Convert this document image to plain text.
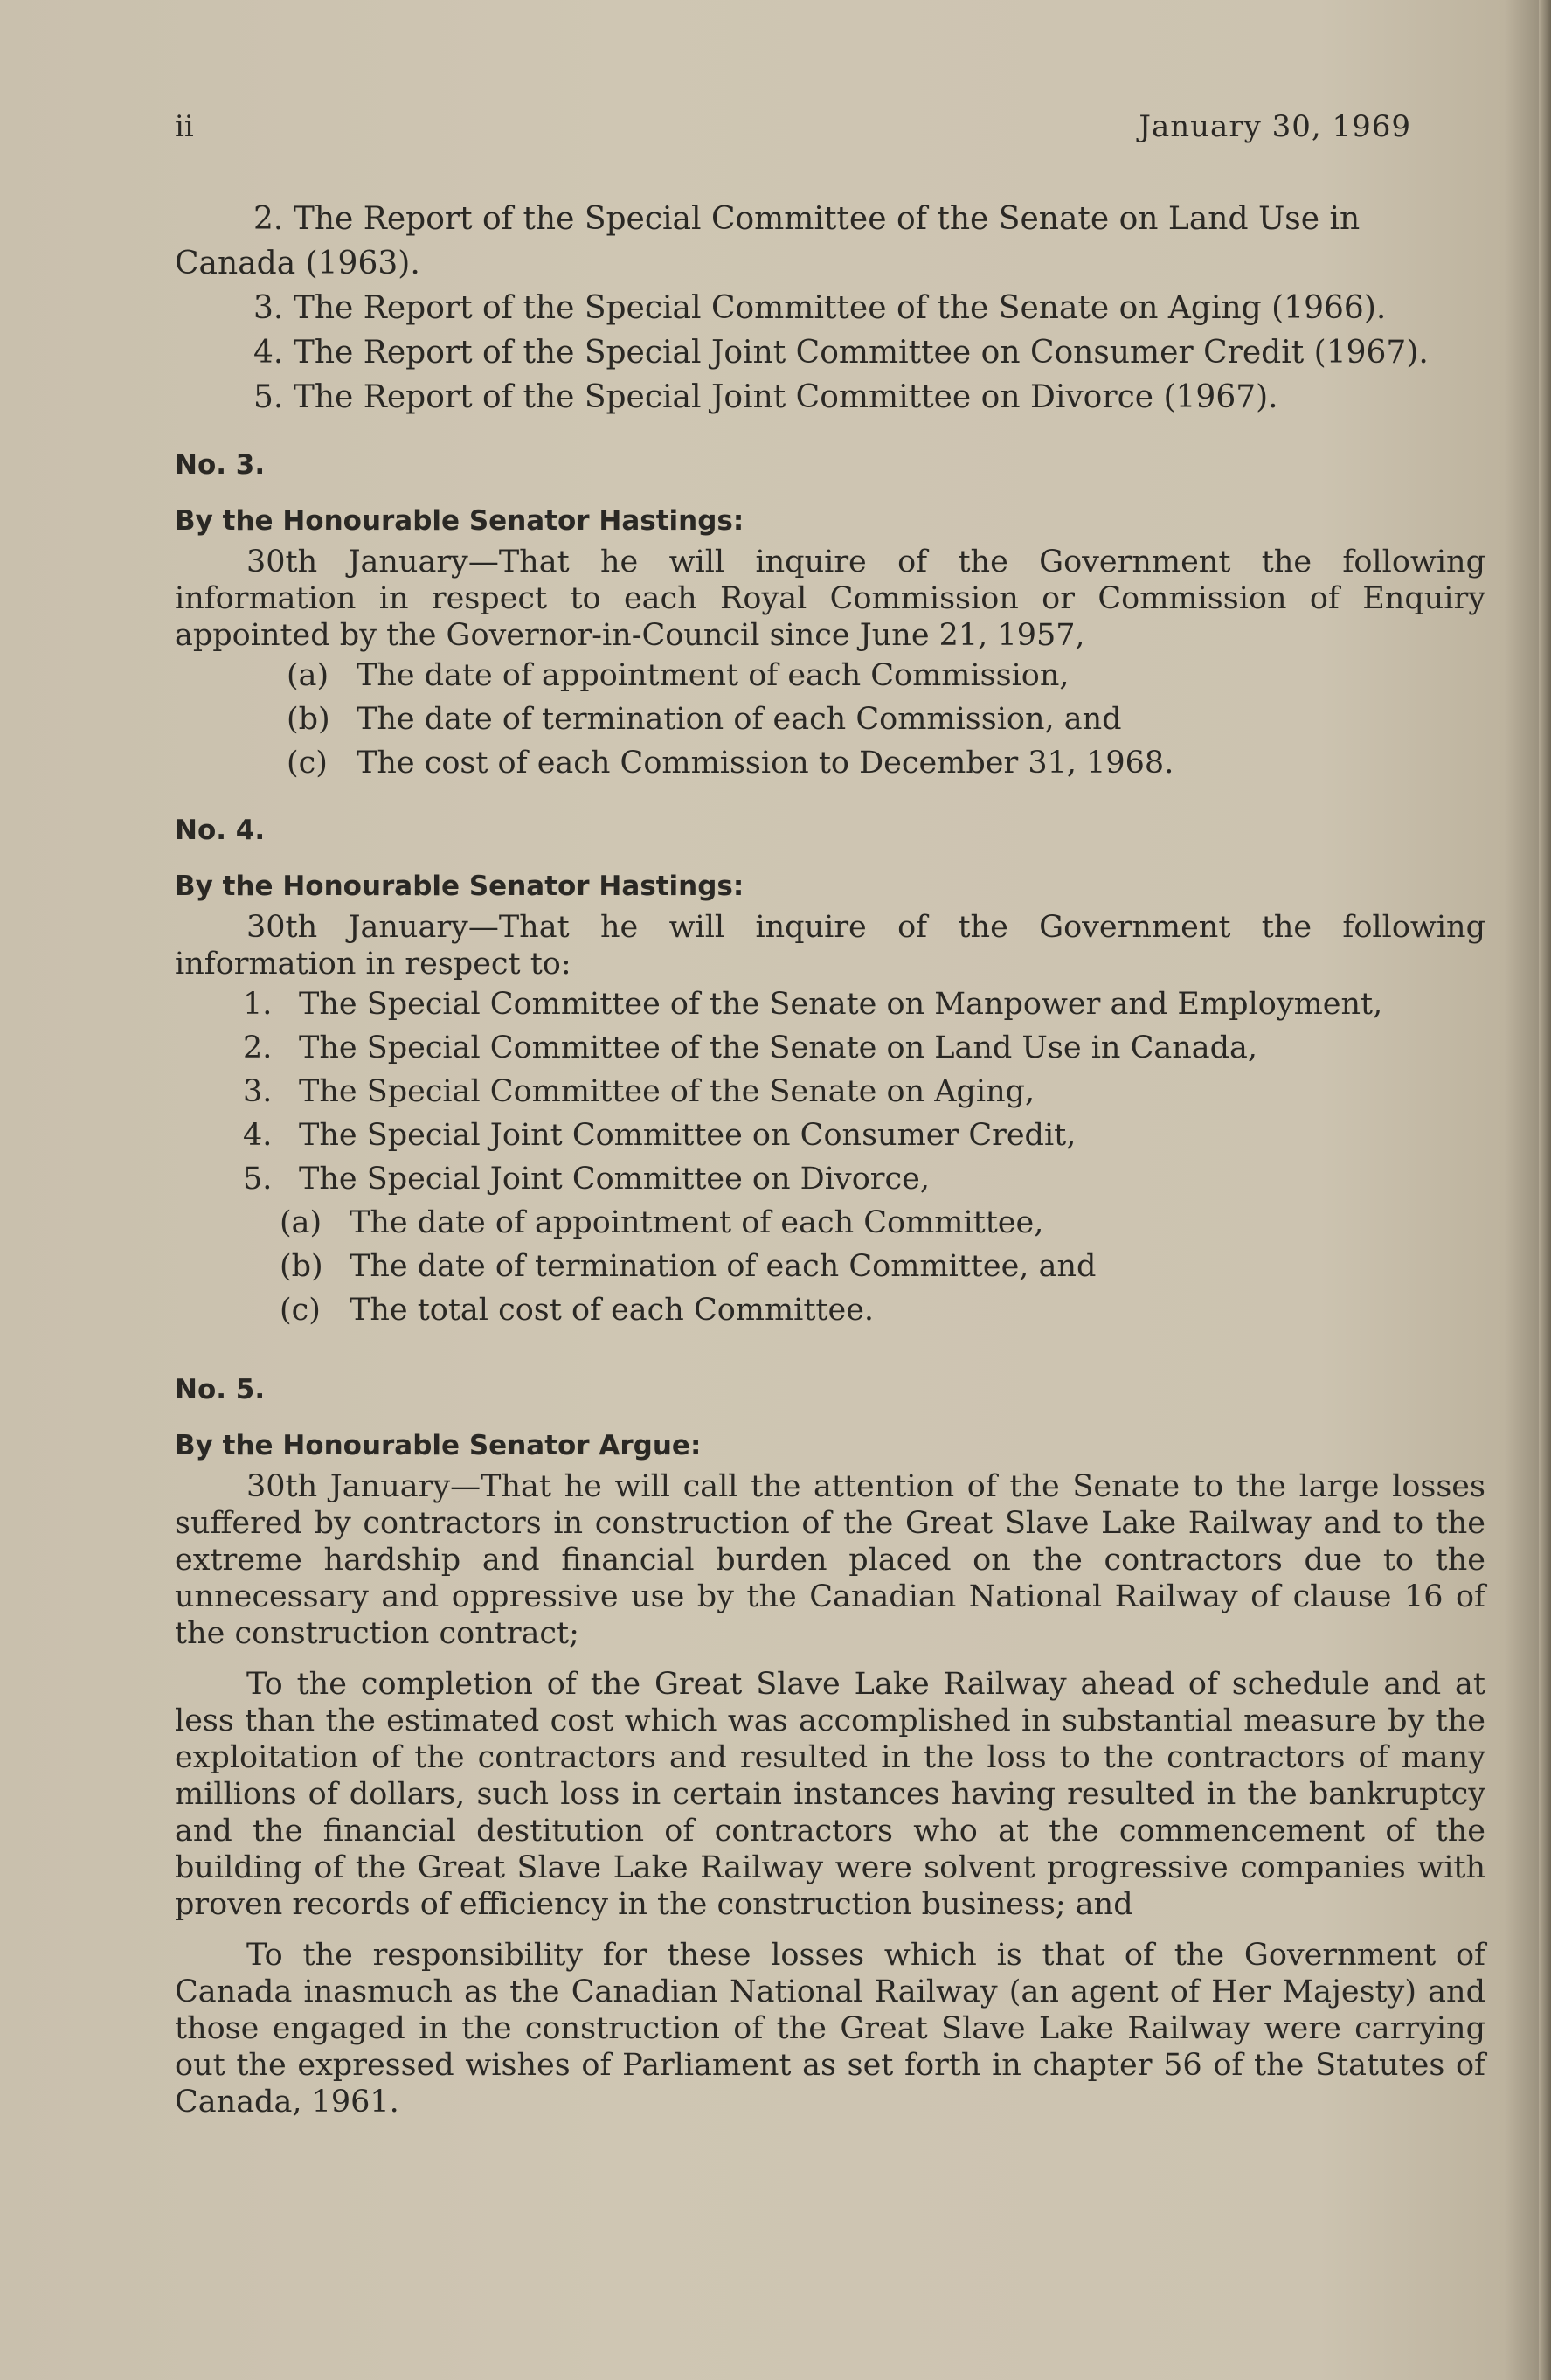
ii	January 30, 1969
2. The Report of the Special Committee of the Senate on Land Use in Canada (1963).
3. The Report of the Special Committee of the Senate on Aging (1966).
4. The Report of the Special Joint Committee on Consumer Credit (1967).
5. The Report of the Special Joint Committee on Divorce (1967).
No. 3.
By the Honourable Senator Hastings:

30th January—That he will inquire of the Government the following information in respect to each Royal Commission or Commission of Enquiry appointed by the Governor-in-Council since June 21, 1957,

(a) The date of appointment of each Commission,
(b) The date of termination of each Commission, and
(c) The cost of each Commission to December 31, 1968.
No. 4.
By the Honourable Senator Hastings:

30th January—That he will inquire of the Government the following information in respect to:

1. The Special Committee of the Senate on Manpower and Employment,
2. The Special Committee of the Senate on Land Use in Canada,
3. The Special Committee of the Senate on Aging,
4. The Special Joint Committee on Consumer Credit,
5. The Special Joint Committee on Divorce,
(a) The date of appointment of each Committee,
(b) The date of termination of each Committee, and
(c) The total cost of each Committee.
No. 5.
By the Honourable Senator Argue:

30th January—That he will call the attention of the Senate to the large losses suffered by contractors in construction of the Great Slave Lake Railway and to the extreme hardship and financial burden placed on the contractors due to the unnecessary and oppressive use by the Canadian National Railway of clause 16 of the construction contract;

To the completion of the Great Slave Lake Railway ahead of schedule and at less than the estimated cost which was accomplished in substantial measure by the exploitation of the contractors and resulted in the loss to the contractors of many millions of dollars, such loss in certain instances having resulted in the bankruptcy and the financial destitution of contractors who at the commencement of the building of the Great Slave Lake Railway were solvent progressive companies with proven records of efficiency in the construction business; and

To the responsibility for these losses which is that of the Government of Canada inasmuch as the Canadian National Railway (an agent of Her Majesty) and those engaged in the construction of the Great Slave Lake Railway were carrying out the expressed wishes of Parliament as set forth in chapter 56 of the Statutes of Canada, 1961.
